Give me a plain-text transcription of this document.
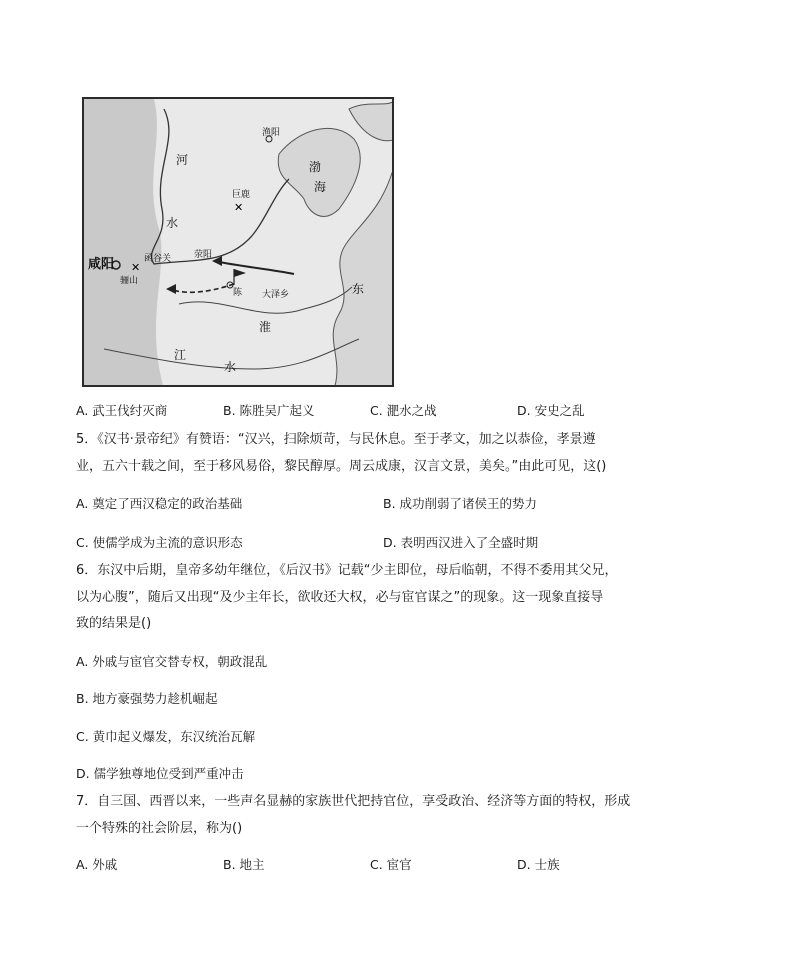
✕
✕
渔阳
渤
海
河
水
巨鹿
荥阳
咸阳	函谷关
骊山
陈 大泽乡	东
淮
江
水
A. 武王伐纣灭商	B. 陈胜吴广起义	C. 淝水之战	D. 安史之乱
5．《汉书·景帝纪》有赞语：“汉兴，扫除烦苛，与民休息。至于孝文，加之以恭俭，孝景遵
业，五六十载之间，至于移风易俗，黎民醇厚。周云成康，汉言文景，美矣。”由此可见，这()
A. 奠定了西汉稳定的政治基础	B. 成功削弱了诸侯王的势力
C. 使儒学成为主流的意识形态	D. 表明西汉进入了全盛时期
6．东汉中后期，皇帝多幼年继位，《后汉书》记载“少主即位，母后临朝，不得不委用其父兄，
以为心腹”，随后又出现“及少主年长，欲收还大权，必与宦官谋之”的现象。这一现象直接导
致的结果是()
A. 外戚与宦官交替专权，朝政混乱
B. 地方豪强势力趁机崛起
C. 黄巾起义爆发，东汉统治瓦解
D. 儒学独尊地位受到严重冲击
7．自三国、西晋以来，一些声名显赫的家族世代把持官位，享受政治、经济等方面的特权，形成
一个特殊的社会阶层，称为()
A. 外戚	B. 地主	C. 宦官	D. 士族
